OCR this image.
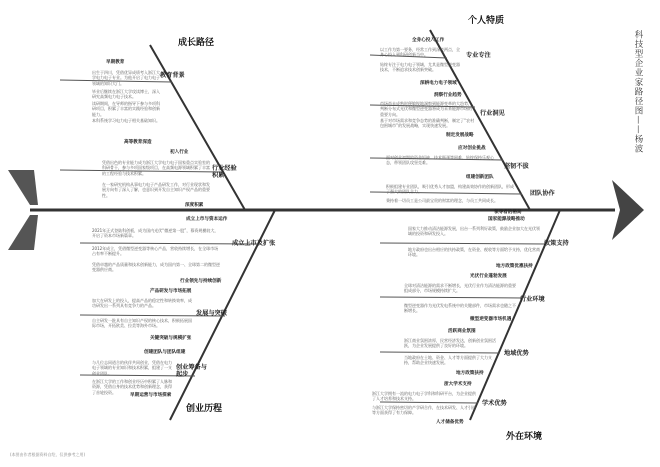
科技型企业家路径图——杨波
成长路径
个人特质
创业历程
外在环境
教育背景
早期教育
出生于四川，凭借优异成绩考入浙江大学电力电子专业。为他开启了电力电子领域的知识大门。
毕业后继续在浙江大学攻读博士，深入研究高频电力电子技术。
读研期间，在导师的指导下参与多项科研项目，积累了丰富的实践经验和创新能力。
本科系统学习电力电子相关基础知识。
高等教育深造
行业经验积累
初入行业
凭借出色的专业能力成为浙江大学电力电子国家重点实验室的科研骨干，参与多项国家级项目，在高频电源领域积累了丰富的工程经验与技术积累。
在一家研究机构从事电力电子产品研发工作，对行业现状和发展方向有了深入了解，也意识到开发自主知识产权产品的重要性。
深度积累
全身心投入工作
专业专注
以工作为第一要务，经常工作到深夜两点，全身心投入到科研创新当中。
始终专注于电力电子领域，尤其是微型逆变器技术，不断追求技术创新突破。
深耕电力电子领域
洞察行业趋势
行业洞见
市场尚未成熟时便敏锐地洞察到能源变革的大趋势，判断分布式光伏和微型逆变器将成为未来能源市场的重要方向。
基于对市场需求和竞争态势的准确判断，制定了“农村包围城市”的发展战略，实现快速发展。
制定发展战略
应对创业挑战
坚韧不拔
面对创业初期的资金短缺、技术瓶颈等困难，始终保持乐观心态，带领团队攻坚克难。
组建创新团队
团队协作
积极组建专业团队，吸引优秀人才加盟，构建高效协作的创新团队，形成了强大的团队合力。
秉持着一切员工是公司最宝贵的财富的理念，与员工共同成长。
领导者的格局
成立上市与资本运作
成立上市及扩张
2021年正式登陆科创板，成为国内光伏“微逆第一股”，募资规模较大，开启了资本市场新篇章。
2012年成立，凭借微型逆变器等核心产品，营收持续增长，在全球市场占有率不断提升。
凭借卓越的产品质量和技术创新能力，成为国内第一、全球第二的微型逆变器供应商。
行业领先与持续创新
产品研发与市场拓展
发展与突破
加大在研发上的投入，提高产品的稳定性和转换效率，成功研发出一系列具有竞争力的产品。
自主研发一批具有自主知识产权的核心技术，积极拓展国际市场，开拓欧美、拉美等海外市场。
关键突破与规模扩张
创建团队与团队组建
创业筹备与起步
与几位志同道合的伙伴共同创业，凭借在电力电子领域的专业知识和技术积累，组建了一支创业团队。
在浙江大学的工作和创业经历中积累了人脉和资源，凭借自身的技术优势和创新理念，获得了首轮投资。
早期运营与市场探索
国家能源战略推动
政策支持
国家大力推动清洁能源发展，出台一系列利好政策，鼓励企业加大在光伏领域的投资和研发投入。
地方政府也出台相应的扶持政策，在资金、税收等方面给予支持，优化营商环境。
地方政策优惠扶持
光伏行业蓬勃发展
行业环境
全球对清洁能源的需求不断增长，光伏行业作为清洁能源的重要组成部分，市场规模持续扩大。
微型逆变器作为光伏发电系统中的关键部件，市场需求也随之不断增长。
微型逆变器市场机遇
活跃商业氛围
地域优势
浙江商业氛围浓厚，民营经济发达，创新创业氛围活跃，为企业发展提供了良好的环境。
当地政府在土地、资金、人才等方面提供了大力支持，帮助企业快速发展。
地方政策扶持
浙大学术支持
学术优势
浙江大学拥有一流的电力电子学科和科研平台，为企业提供了人才培养和技术支持。
与浙江大学保持密切的产学研合作，在技术研发、人才引进等方面获得了有力保障。
人才储备优势
(本图由作者根据资料自绘，仅供参考之用)
